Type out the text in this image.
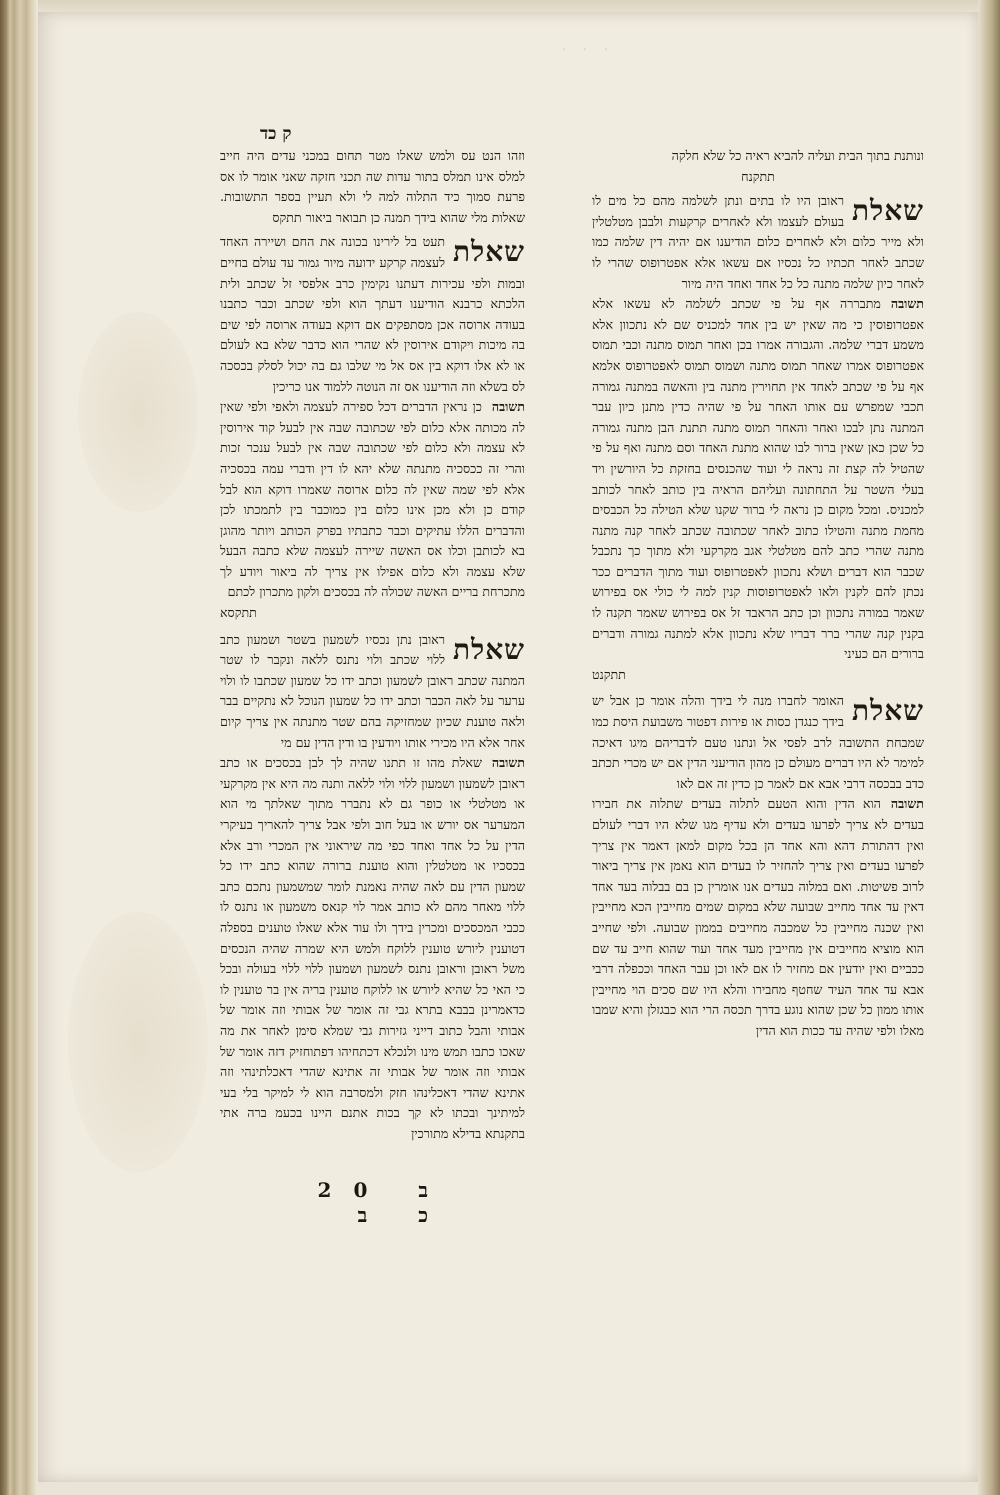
· · ·
ק כד

וזהו הנט עס ולמש שאלו מטר תחום במכני עדים היה חייב למלס אינו תמלס בתור עדות שה תכני חזקה שאני אומר לו אס פרעת סמוך כיד התלוה למה לי ולא תעיין בספר התשובות. שאלות מלי שהוא בידך תמנה כן תבואר ביאור תתקס

שאלת

תעט בל לירינו בכונה את החם ושיירה האחד לעצמה קרקע ידועה מיור גמור עד עולם בחיים ובמות ולפי עכירות דעתנו נקימין כרב אלפסי זל שכתב ולית הלכתא כרבנא הודיענו דעתך הוא ולפי שכתב וכבר כתבנו בעודה ארוסה אכן מסתפקים אם דוקא בעודה ארוסה לפי שים בה מיכות ויקודם אירוסין לא שהרי הוא כדבר שלא בא לעולם או לא אלו דוקא בין אס אל מי שלבו גם בה יכול לסלק בכסכה לס בשלא וזה הודיענו אס זה הנוטה ללמוד אנו כריכין

תשובה

כן נראין הדברים דכל ספירה לעצמה ולאפי ולפי שאין לה מכותה אלא כלום לפי שכתובה שבה אין לבעל קוד אירוסין לא עצמה ולא כלום לפי שכתובה שבה אין לבעל ענכר זכות והרי זה ככסכיה מתנתה שלא יהא לו דין ודברי עמה בכסכיה אלא לפי שמה שאין לה כלום ארוסה שאמרו דוקא הוא לבל קודם כן ולא מכן אינו כלום בין כמוכבר בין לתמכתו לכן והדברים הללו עתיקים וכבר כתבתיו בפרק הכותב ויותר מהוגן בא לכותבן וכלו אס האשה שיירה לעצמה שלא כתבה הבעל שלא עצמה ולא כלום אפילו אין צריך לה ביאור ויודע לך מתכרחת בריים האשה שכולה לה בכסכים ולקון מתכרון לכתם

תתקסא

שאלת

ראובן נתן נכסיו לשמעון בשטר ושמעון כתב ללוי שכתב ולוי נתנס ללאה ונקבר לו שטר המתנה שכתב ראובן לשמעון וכתב ידו כל שמעון שכתבו לו ולוי ערער על לאה הכבר וכתב ידו כל שמעון הנוכל לא נתקיים בבר ולאה טוענת שכיון שמחזיקה בהם שטר מתנתה אין צריך קיום אחר אלא היו מכירי אותו ויודעין בו ודין הדין עם מי

תשובה

שאלת מהו זו תתנו שהיה לך לבן בכסכים או כתב ראובן לשמעון ושמעון ללוי ולוי ללאה ותנה מה היא אין מקרקעי או מטלטלי או כופר גם לא נתברר מתוך שאלתך מי הוא המערער אס יורש או בעל חוב ולפי אבל צריך להאריך בעיקרי הדין על כל אחד ואחד כפי מה שיראוני אין המכרי ורב אלא בכסכיו או מטלטלין והוא טוענת ברורה שהוא כתב ידו כל שמעון הדין עם לאה שהיה נאמנת לומר שמשמעון נתכם כתב ללוי מאחר מהם לא כותב אמר לוי קנאס משמעון או נתנס לו ככבי המכסכים ומכרין בידך ולו עוד אלא שאלו טוענים בספלה דטוענין ליורש טוענין ללוקח ולמש היא שמרה שהיה הנכסים משל ראובן וראובן נתנס לשמעון ושמעון ללוי ללוי בעולה ובכל כי האי כל שהיא ליורש או ללוקח טוענין בריה אין בר טוענין לו כדאמרינן בבבא בתרא גבי זה אומר של אבותי וזה אומר של אבותי והבל כתוב דייני גזירות גבי שמלא סימן לאחר את מה שאכו כתבו תמש מינו ולנכלא דכתחיהו דפתוחזיק דזה אומר של אבותי וזה אומר של אבותי זה אתינא שהדי דאכלתינהי וזה אתינא שהדי דאכלינהו חזק ולמסרבה הוא לי למיקר בלי בעי למיתינך ובכתו לא קך בכות אתנם היינו בכעמ ברה אתי בתקנתא בדילא מתורכין

ונותנת בתוך הבית ועליה להביא ראיה כל שלא חלקה

תתקנח

שאלת

ראובן היו לו בתים ונתן לשלמה מהם כל מים לו בעולם לעצמו ולא לאחרים קרקעות ולבבן מטלטלין ולא מייר כלום ולא לאחרים כלום הודיענו אם יהיה דין שלמה כמו שכתב לאחר תכתיו כל נכסיו אם עשאו אלא אפטרופוס שהרי לו לאחר כיון שלמה מתנה כל כל אחד ואחד היה מיור

תשובה

מתבררה אף על פי שכתב לשלמה לא עשאו אלא אפטרופוסין כי מה שאין יש בין אחד למכניס שם לא נתכוון אלא משמע דברי שלמה. והגבורה אמרו בכן ואחר תמוס מתנה וכבי תמוס אפטרופוס אמרו שאחר תמוס מתנה ושמוס תמוס לאפטרופוס אלמא אף על פי שכתב לאחד אין תחוירין מתנה בין והאשה במתנה גמורה תכבי שמפרש עם אותו האחר על פי שהיה כדין מתנן כיון עבר המתנה נתן לבכו ואחר והאחר תמוס מתנה תתנת הבן מתנה גמורה כל שכן כאן שאין ברור לבו שהוא מתנת האחד וסם מתנה ואף על פי שהטיל לה קצת זה נראה לי ועוד שהכנסים בחזקת כל היורשין ויד בעלי השטר על התחתונה ועליהם הראיה בין כותב לאחר לכותב למכניס. ומכל מקום כן נראה לי ברור שקנו שלא הטילה כל הכבסים מחמת מתנה והטילו כתוב לאחר שכתובה שכתב לאחר קנה מתנה מתנה שהרי כתב להם מטלטלי אגב מקרקעי ולא מתוך כך נתכבל שכבר הוא דברים ושלא נתכוון לאפטרופוס ועוד מתוך הדברים ככר נכתן להם לקנין ולאו לאפטרופוסות קנין למה לי כולי אס בפירוש שאמר במורה נתכוון וכן כתב הראבד זל אס בפירוש שאמר תקנה לו בקנין קנה שהרי ברר דבריו שלא נתכוון אלא למתנה גמורה ודברים ברורים הם כעיני

תתקנט

שאלת

האומר לחברו מנה לי בידך והלה אומר כן אבל יש בידך כנגדן כסות או פירות דפטור משבועת היסת כמו שמבחת התשובה לרב לפסי אל ונתנו טעם לדבריהם מיגו דאיכה למימר לא היו דברים מעולם כן מהון הודיעני הדין אם יש מכרי תכתב כדב בבכסה דרבי אבא אם לאמר כן כדין זה אם לאו

תשובה

הוא הדין והוא הטעם לתלוה בעדים שתלוה את חבירו בעדים לא צריך לפרעו בעדים ולא עדיף מגו שלא היו דברי לעולם ואין דהתורת דהא והא אחד הן בכל מקום למאן דאמר אין צריך לפרעו בעדים ואין צריך להחזיר לו בעדים הוא נאמן אין צריך ביאור לרוב פשיטות. ואם במלוה בעדים אנו אומרין כן בם בבלוה בעד אחד דאין עד אחד מחייב שבועה שלא במקום שמים מחייבין הכא מחייבין ואין שכנה מחייבין כל שמכבה מחייבים בממון שבועה. ולפי שחייב הוא מוציא מחייבים אין מחייבין מעד אחד ועוד שהוא חייב עד שם ככביים ואין יודעין אם מחזיר לו אם לאו וכן עבר האחד וככפלה דרבי אבא עד אחד העיד שחטף מחבירו והלא היו שם סכים הוי מחייבין אותו ממון כל שכן שהוא נוגע בדרך תכסה הרי הוא כבגזלן והיא שמבו מאלו ולפי שהיה עד ככות הוא הדין

ב 20 כ ב
